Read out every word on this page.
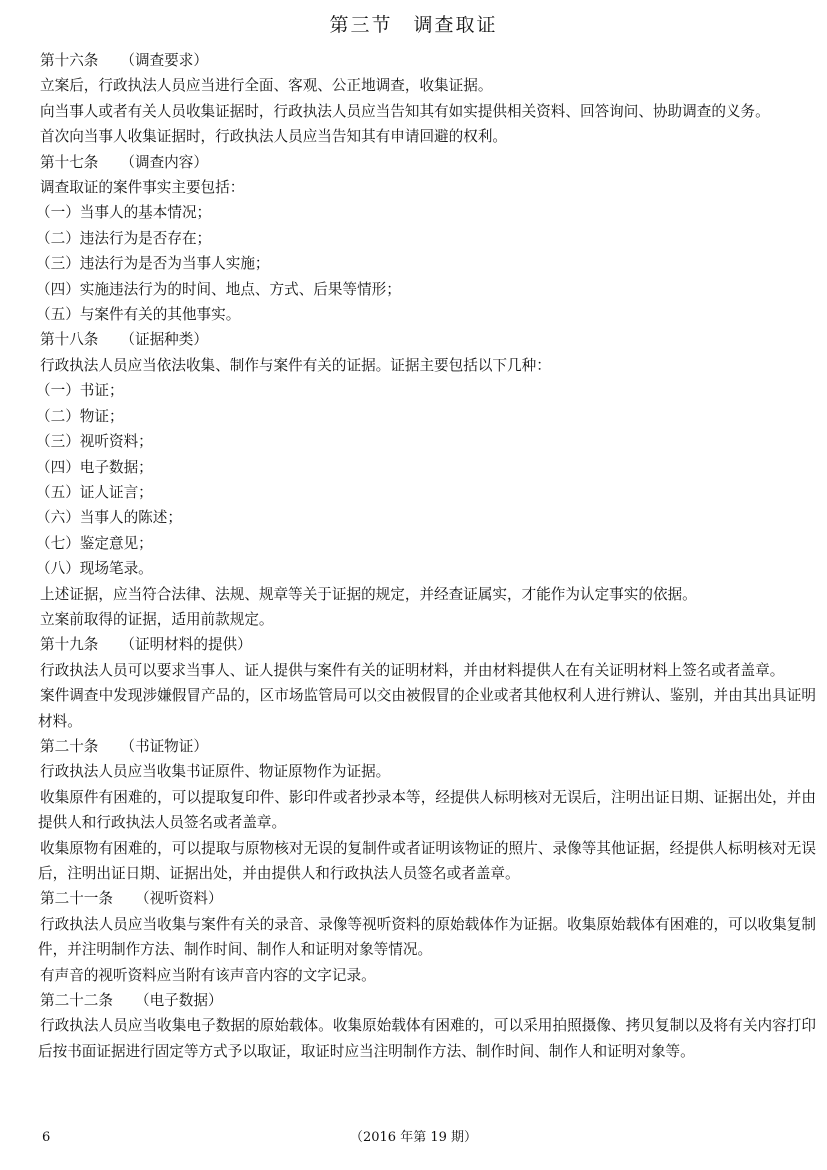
第三节　调查取证
第十六条 （调查要求）
立案后，行政执法人员应当进行全面、客观、公正地调查，收集证据。
向当事人或者有关人员收集证据时，行政执法人员应当告知其有如实提供相关资料、回答询问、协助调查的义务。
首次向当事人收集证据时，行政执法人员应当告知其有申请回避的权利。
第十七条 （调查内容）
调查取证的案件事实主要包括：
（一）当事人的基本情况；
（二）违法行为是否存在；
（三）违法行为是否为当事人实施；
（四）实施违法行为的时间、地点、方式、后果等情形；
（五）与案件有关的其他事实。
第十八条 （证据种类）
行政执法人员应当依法收集、制作与案件有关的证据。证据主要包括以下几种：
（一）书证；
（二）物证；
（三）视听资料；
（四）电子数据；
（五）证人证言；
（六）当事人的陈述；
（七）鉴定意见；
（八）现场笔录。
上述证据，应当符合法律、法规、规章等关于证据的规定，并经查证属实，才能作为认定事实的依据。
立案前取得的证据，适用前款规定。
第十九条 （证明材料的提供）
行政执法人员可以要求当事人、证人提供与案件有关的证明材料，并由材料提供人在有关证明材料上签名或者盖章。
案件调查中发现涉嫌假冒产品的，区市场监管局可以交由被假冒的企业或者其他权利人进行辨认、鉴别，并由其出具证明材料。
第二十条 （书证物证）
行政执法人员应当收集书证原件、物证原物作为证据。
收集原件有困难的，可以提取复印件、影印件或者抄录本等，经提供人标明核对无误后，注明出证日期、证据出处，并由提供人和行政执法人员签名或者盖章。
收集原物有困难的，可以提取与原物核对无误的复制件或者证明该物证的照片、录像等其他证据，经提供人标明核对无误后，注明出证日期、证据出处，并由提供人和行政执法人员签名或者盖章。
第二十一条 （视听资料）
行政执法人员应当收集与案件有关的录音、录像等视听资料的原始载体作为证据。收集原始载体有困难的，可以收集复制件，并注明制作方法、制作时间、制作人和证明对象等情况。
有声音的视听资料应当附有该声音内容的文字记录。
第二十二条 （电子数据）
行政执法人员应当收集电子数据的原始载体。收集原始载体有困难的，可以采用拍照摄像、拷贝复制以及将有关内容打印后按书面证据进行固定等方式予以取证，取证时应当注明制作方法、制作时间、制作人和证明对象等。
6	（2016 年第 19 期）
